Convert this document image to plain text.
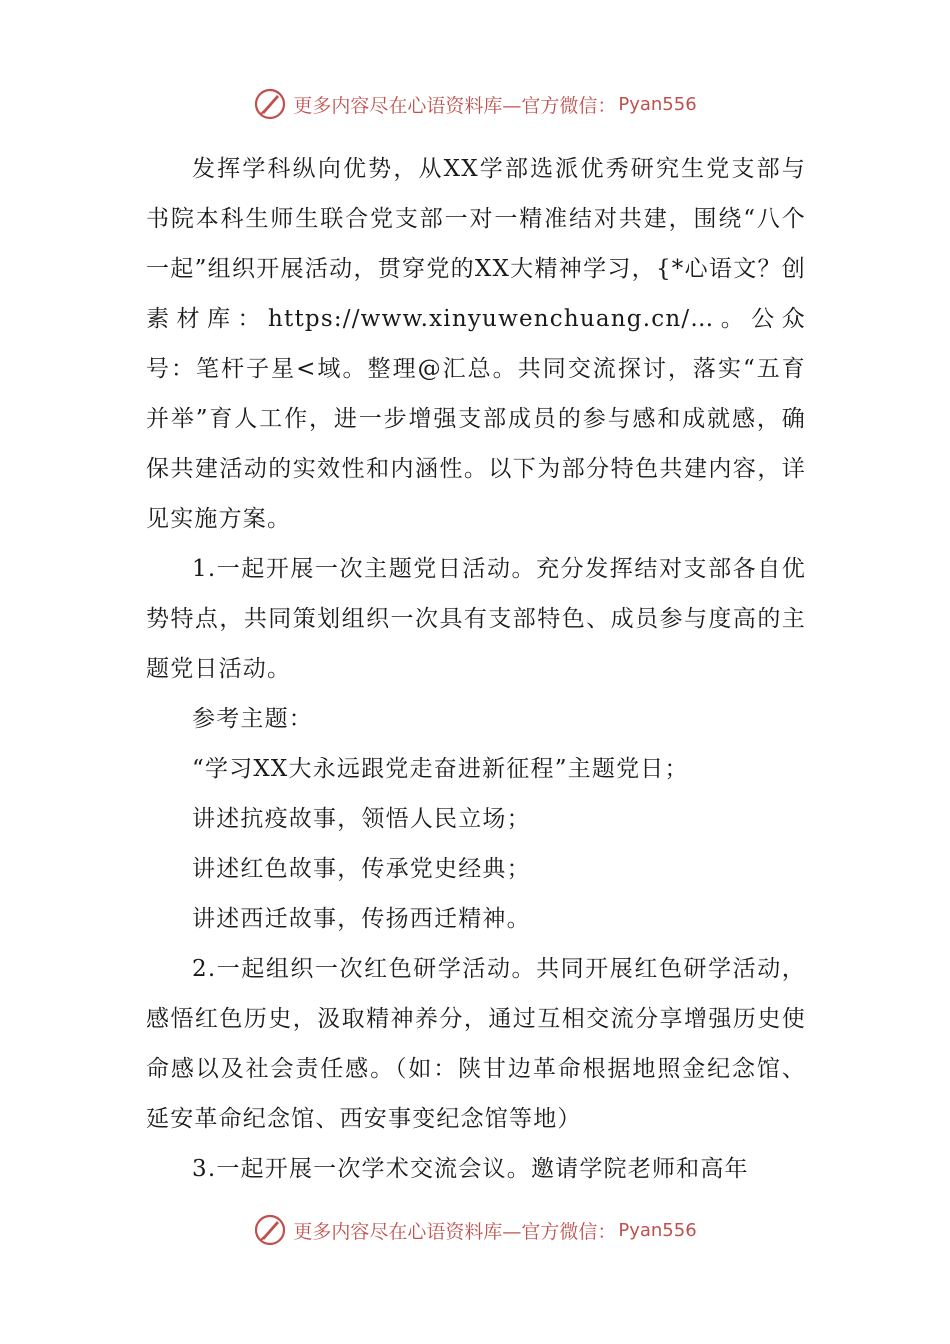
更多内容尽在心语资料库—官方微信： Pyan556

发挥学科纵向优势，从XX学部选派优秀研究生党支部与书院本科生师生联合党支部一对一精准结对共建，围绕“八个一起”组织开展活动，贯穿党的XX大精神学习，{*心语文？创素材库：https://www.xinyuwenchuang.cn/…。公众号：笔杆子星<域。整理@汇总。共同交流探讨，落实“五育并举”育人工作，进一步增强支部成员的参与感和成就感，确保共建活动的实效性和内涵性。以下为部分特色共建内容，详见实施方案。

1.一起开展一次主题党日活动。充分发挥结对支部各自优势特点，共同策划组织一次具有支部特色、成员参与度高的主题党日活动。

参考主题：

“学习XX大永远跟党走奋进新征程”主题党日；

讲述抗疫故事，领悟人民立场；

讲述红色故事，传承党史经典；

讲述西迁故事，传扬西迁精神。

2.一起组织一次红色研学活动。共同开展红色研学活动，感悟红色历史，汲取精神养分，通过互相交流分享增强历史使命感以及社会责任感。（如：陕甘边革命根据地照金纪念馆、延安革命纪念馆、西安事变纪念馆等地）

3.一起开展一次学术交流会议。邀请学院老师和高年

更多内容尽在心语资料库—官方微信： Pyan556
